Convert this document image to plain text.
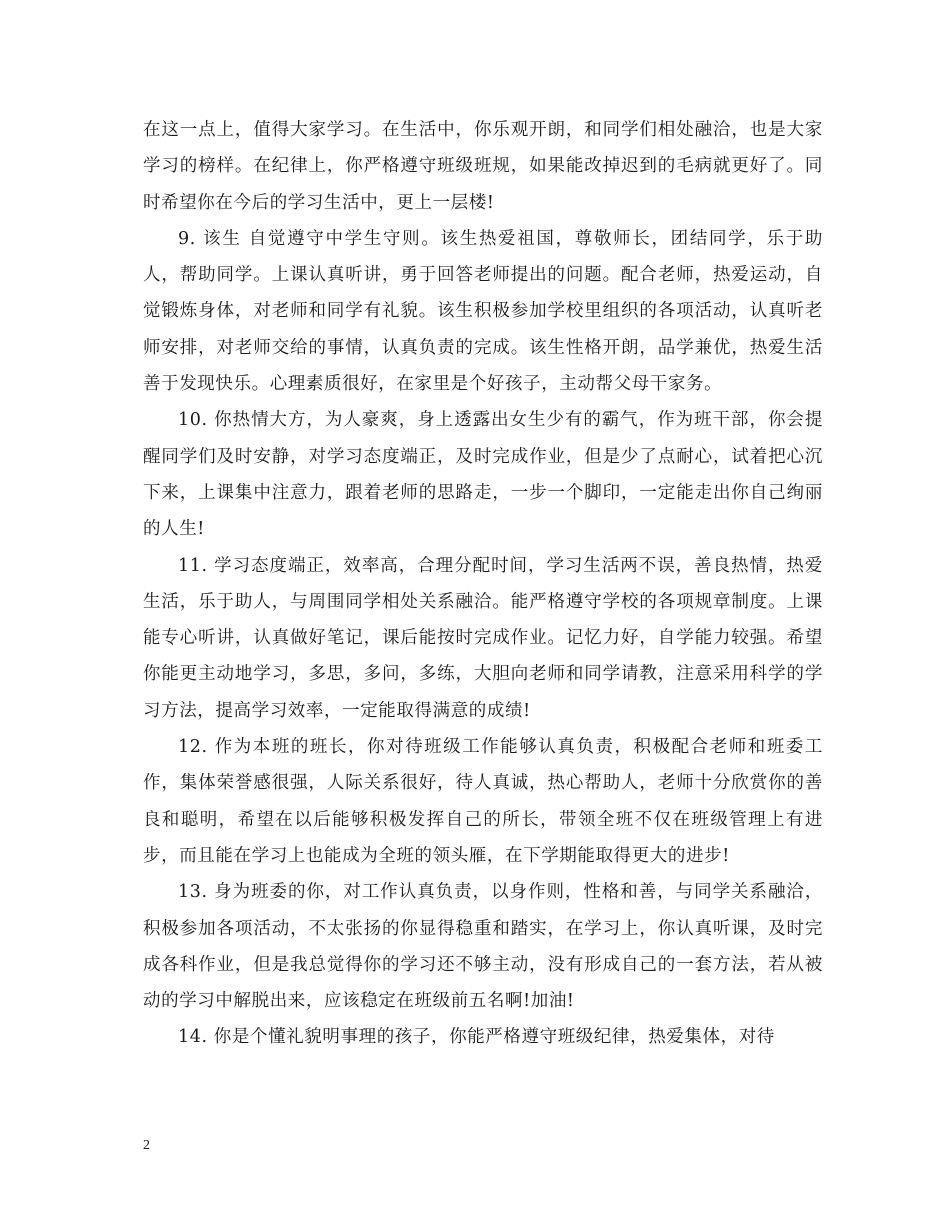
在这一点上，值得大家学习。在生活中，你乐观开朗，和同学们相处融洽，也是大家学习的榜样。在纪律上，你严格遵守班级班规，如果能改掉迟到的毛病就更好了。同时希望你在今后的学习生活中，更上一层楼!

9. 该生 自觉遵守中学生守则。该生热爱祖国，尊敬师长，团结同学，乐于助人，帮助同学。上课认真听讲，勇于回答老师提出的问题。配合老师，热爱运动，自觉锻炼身体，对老师和同学有礼貌。该生积极参加学校里组织的各项活动，认真听老师安排，对老师交给的事情，认真负责的完成。该生性格开朗，品学兼优，热爱生活善于发现快乐。心理素质很好，在家里是个好孩子，主动帮父母干家务。

10. 你热情大方，为人豪爽，身上透露出女生少有的霸气，作为班干部，你会提醒同学们及时安静，对学习态度端正，及时完成作业，但是少了点耐心，试着把心沉下来，上课集中注意力，跟着老师的思路走，一步一个脚印，一定能走出你自己绚丽的人生!

11. 学习态度端正，效率高，合理分配时间，学习生活两不误，善良热情，热爱生活，乐于助人，与周围同学相处关系融洽。能严格遵守学校的各项规章制度。上课能专心听讲，认真做好笔记，课后能按时完成作业。记忆力好，自学能力较强。希望你能更主动地学习，多思，多问，多练，大胆向老师和同学请教，注意采用科学的学习方法，提高学习效率，一定能取得满意的成绩!

12. 作为本班的班长，你对待班级工作能够认真负责，积极配合老师和班委工作，集体荣誉感很强，人际关系很好，待人真诚，热心帮助人，老师十分欣赏你的善良和聪明，希望在以后能够积极发挥自己的所长，带领全班不仅在班级管理上有进步，而且能在学习上也能成为全班的领头雁，在下学期能取得更大的进步!

13. 身为班委的你，对工作认真负责，以身作则，性格和善，与同学关系融洽，积极参加各项活动，不太张扬的你显得稳重和踏实，在学习上，你认真听课，及时完成各科作业，但是我总觉得你的学习还不够主动，没有形成自己的一套方法，若从被动的学习中解脱出来，应该稳定在班级前五名啊!加油!

14. 你是个懂礼貌明事理的孩子，你能严格遵守班级纪律，热爱集体，对待

2
